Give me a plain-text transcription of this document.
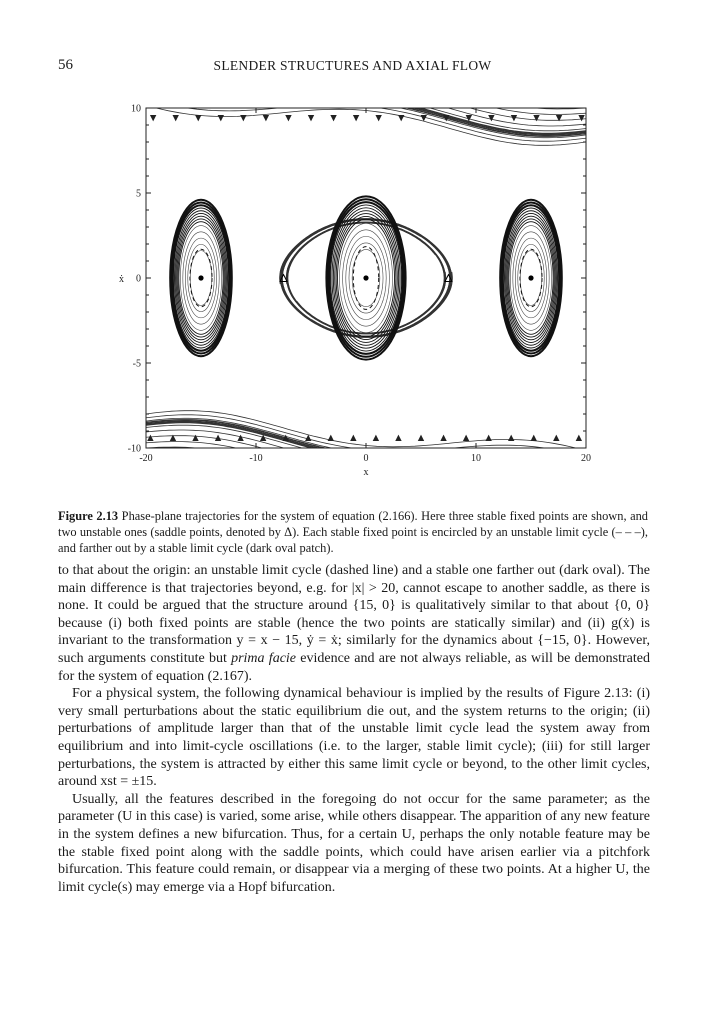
56	SLENDER STRUCTURES AND AXIAL FLOW
-20	-10	0	10	20
10
5
0
-5
-10
x
ẋ
Figure 2.13 Phase-plane trajectories for the system of equation (2.166). Here three stable fixed points are shown, and two unstable ones (saddle points, denoted by Δ). Each stable fixed point is encircled by an unstable limit cycle (– – –), and farther out by a stable limit cycle (dark oval patch).

to that about the origin: an unstable limit cycle (dashed line) and a stable one farther out (dark oval). The main difference is that trajectories beyond, e.g. for |x| > 20, cannot escape to another saddle, as there is none. It could be argued that the structure around {15, 0} is qualitatively similar to that about {0, 0} because (i) both fixed points are stable (hence the two points are statically similar) and (ii) g(ẋ) is invariant to the transformation y = x − 15, ẏ = ẋ; similarly for the dynamics about {−15, 0}. However, such arguments constitute but prima facie evidence and are not always reliable, as will be demonstrated for the system of equation (2.167).

For a physical system, the following dynamical behaviour is implied by the results of Figure 2.13: (i) very small perturbations about the static equilibrium die out, and the system returns to the origin; (ii) perturbations of amplitude larger than that of the unstable limit cycle lead the system away from equilibrium and into limit-cycle oscillations (i.e. to the larger, stable limit cycle); (iii) for still larger perturbations, the system is attracted by either this same limit cycle or beyond, to the other limit cycles, around xst = ±15.

Usually, all the features described in the foregoing do not occur for the same parameter; as the parameter (U in this case) is varied, some arise, while others disappear. The apparition of any new feature in the system defines a new bifurcation. Thus, for a certain U, perhaps the only notable feature may be the stable fixed point along with the saddle points, which could have arisen earlier via a pitchfork bifurcation. This feature could remain, or disappear via a merging of these two points. At a higher U, the limit cycle(s) may emerge via a Hopf bifurcation.
